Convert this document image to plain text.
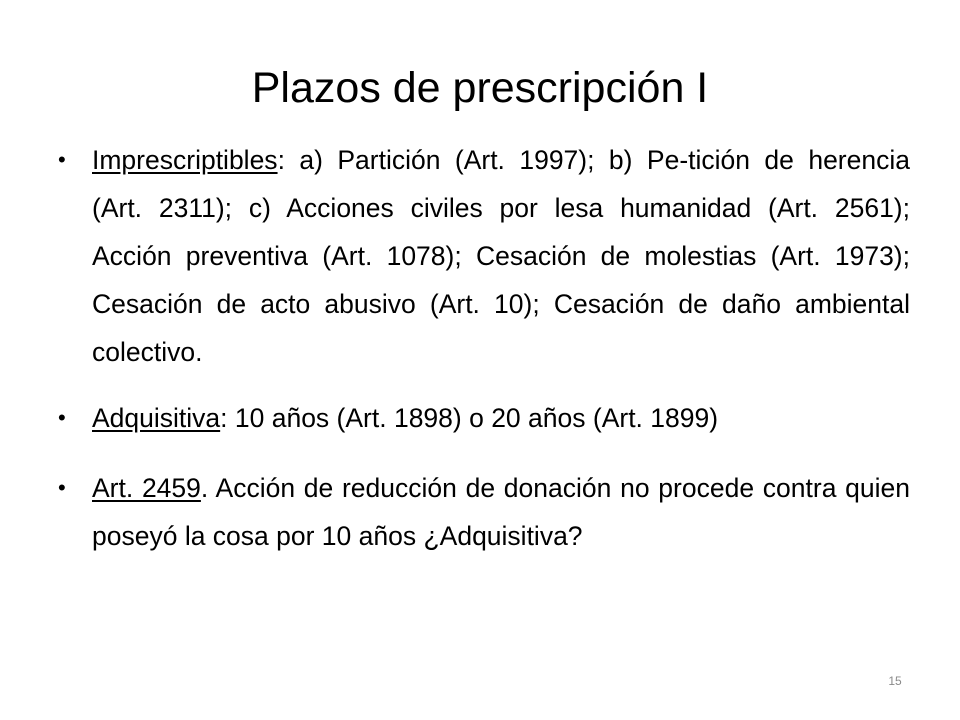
Plazos de prescripción I
• Imprescriptibles: a) Partición (Art. 1997); b) Pe-tición de herencia (Art. 2311); c) Acciones civiles por lesa humanidad (Art. 2561); Acción preventiva (Art. 1078); Cesación de molestias (Art. 1973); Cesación de acto abusivo (Art. 10); Cesación de daño ambiental colectivo.
• Adquisitiva: 10 años (Art. 1898) o 20 años (Art. 1899)
• Art. 2459. Acción de reducción de donación no procede contra quien poseyó la cosa por 10 años ¿Adquisitiva?
15
